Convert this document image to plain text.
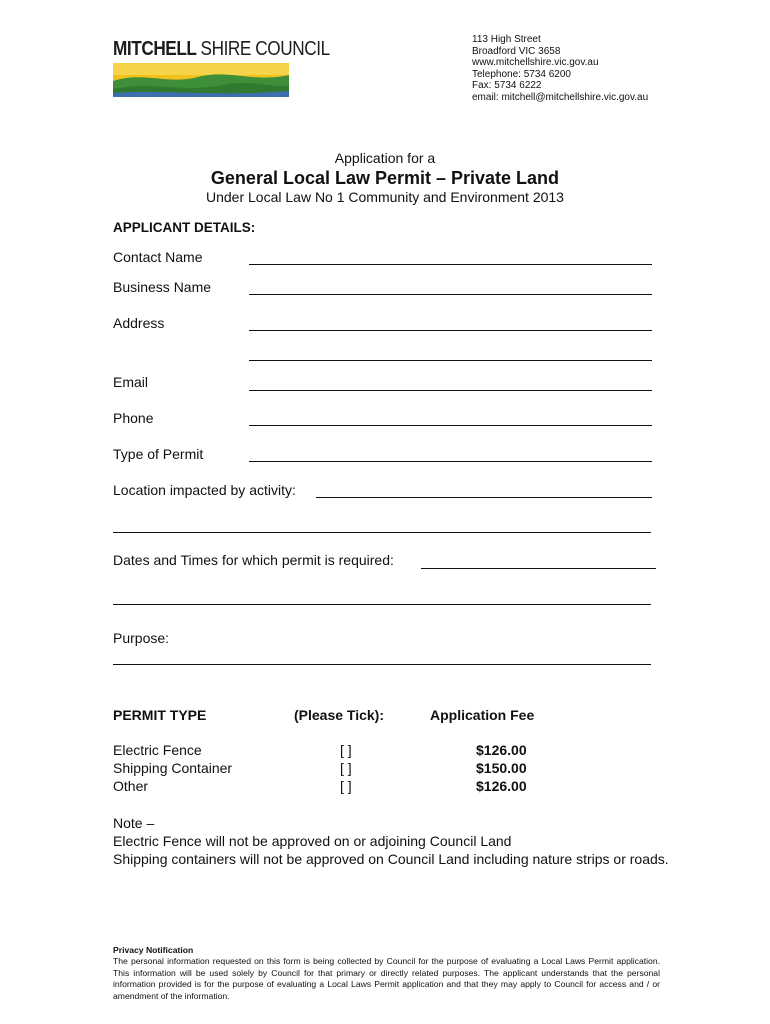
MITCHELL SHIRE COUNCIL	113 High Street
Broadford VIC 3658
www.mitchellshire.vic.gov.au
Telephone: 5734 6200
Fax: 5734 6222
email: mitchell@mitchellshire.vic.gov.au
Application for a
General Local Law Permit – Private Land
Under Local Law No 1 Community and Environment 2013
APPLICANT DETAILS:
Contact Name
Business Name
Address
Email
Phone
Type of Permit
Location impacted by activity:
Dates and Times for which permit is required:
Purpose:
PERMIT TYPE	(Please Tick):	Application Fee
Electric Fence	[ ]	$126.00
Shipping Container	[ ]	$150.00
Other	[ ]	$126.00
Note –
Electric Fence will not be approved on or adjoining Council Land
Shipping containers will not be approved on Council Land including nature strips or roads.
Privacy Notification
The personal information requested on this form is being collected by Council for the purpose of evaluating a Local Laws Permit application. This information will be used solely by Council for that primary or directly related purposes. The applicant understands that the personal information provided is for the purpose of evaluating a Local Laws Permit application and that they may apply to Council for access and / or amendment of the information.
